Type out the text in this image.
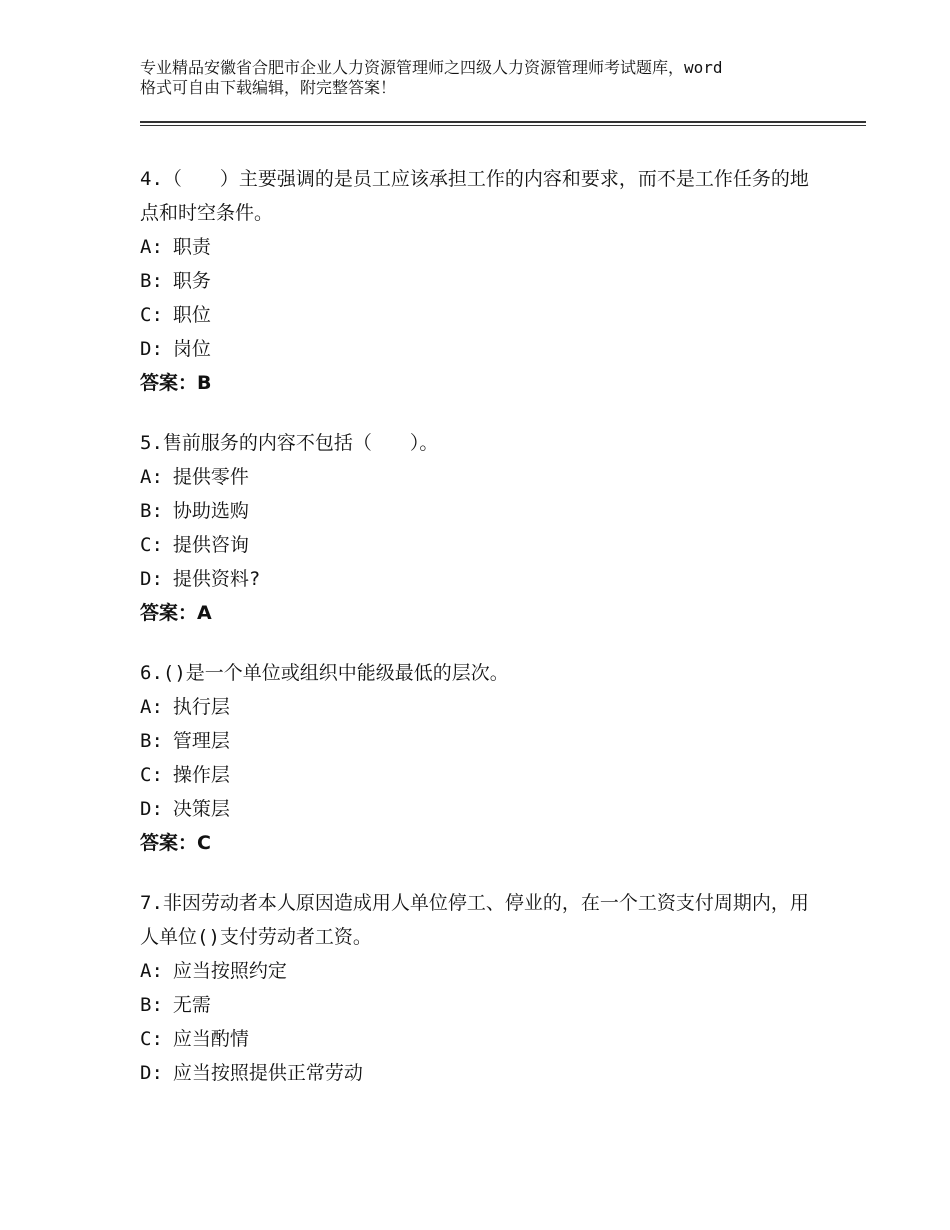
专业精品安徽省合肥市企业人力资源管理师之四级人力资源管理师考试题库，word
格式可自由下载编辑，附完整答案！

4.（　　）主要强调的是员工应该承担工作的内容和要求，而不是工作任务的地点和时空条件。

A: 职责
B: 职务
C: 职位
D: 岗位
答案：B

5.售前服务的内容不包括（　　）。

A: 提供零件
B: 协助选购
C: 提供咨询
D: 提供资料?
答案：A

6.()是一个单位或组织中能级最低的层次。

A: 执行层
B: 管理层
C: 操作层
D: 决策层
答案：C

7.非因劳动者本人原因造成用人单位停工、停业的，在一个工资支付周期内，用人单位()支付劳动者工资。

A: 应当按照约定
B: 无需
C: 应当酌情
D: 应当按照提供正常劳动
